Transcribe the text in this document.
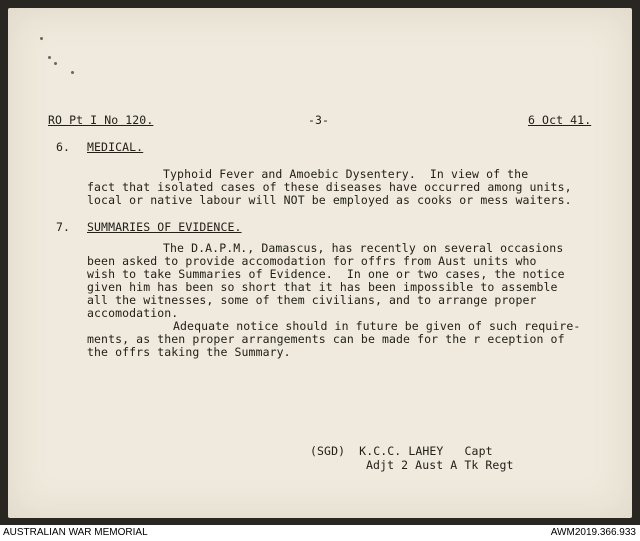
RO Pt I No 120.	-3-	6 Oct 41.
6. MEDICAL.
Typhoid Fever and Amoebic Dysentery.  In view of the
fact that isolated cases of these diseases have occurred among units,
local or native labour will NOT be employed as cooks or mess waiters.
7. SUMMARIES OF EVIDENCE.
The D.A.P.M., Damascus, has recently on several occasions
been asked to provide accomodation for offrs from Aust units who
wish to take Summaries of Evidence.  In one or two cases, the notice
given him has been so short that it has been impossible to assemble
all the witnesses, some of them civilians, and to arrange proper
accomodation.
Adequate notice should in future be given of such require-
ments, as then proper arrangements can be made for the r eception of
the offrs taking the Summary.
(SGD)  K.C.C. LAHEY   Capt
Adjt 2 Aust A Tk Regt
AUSTRALIAN WAR MEMORIAL	AWM2019.366.933
